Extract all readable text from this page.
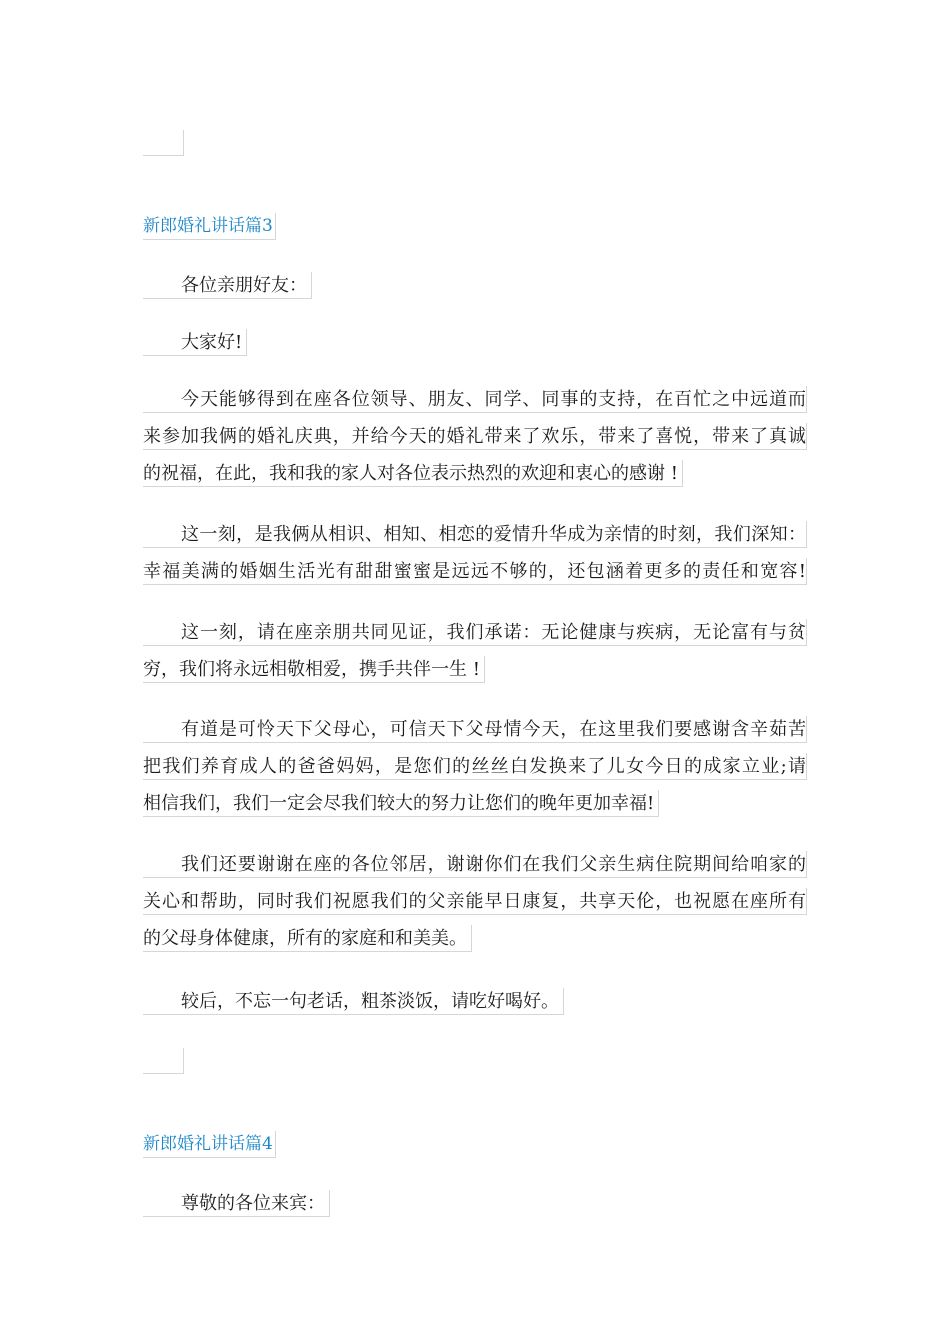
新郎婚礼讲话篇3
各位亲朋好友：
大家好!
今天能够得到在座各位领导、朋友、同学、同事的支持，在百忙之中远道而
来参加我俩的婚礼庆典，并给今天的婚礼带来了欢乐，带来了喜悦，带来了真诚
的祝福，在此，我和我的家人对各位表示热烈的欢迎和衷心的感谢 !
这一刻，是我俩从相识、相知、相恋的爱情升华成为亲情的时刻，我们深知：
幸福美满的婚姻生活光有甜甜蜜蜜是远远不够的，还包涵着更多的责任和宽容!
这一刻，请在座亲朋共同见证，我们承诺：无论健康与疾病，无论富有与贫
穷，我们将永远相敬相爱，携手共伴一生 !
有道是可怜天下父母心，可信天下父母情今天，在这里我们要感谢含辛茹苦
把我们养育成人的爸爸妈妈，是您们的丝丝白发换来了儿女今日的成家立业;请
相信我们，我们一定会尽我们较大的努力让您们的晚年更加幸福!
我们还要谢谢在座的各位邻居，谢谢你们在我们父亲生病住院期间给咱家的
关心和帮助，同时我们祝愿我们的父亲能早日康复，共享天伦，也祝愿在座所有
的父母身体健康，所有的家庭和和美美。
较后，不忘一句老话，粗茶淡饭，请吃好喝好。
新郎婚礼讲话篇4
尊敬的各位来宾：
